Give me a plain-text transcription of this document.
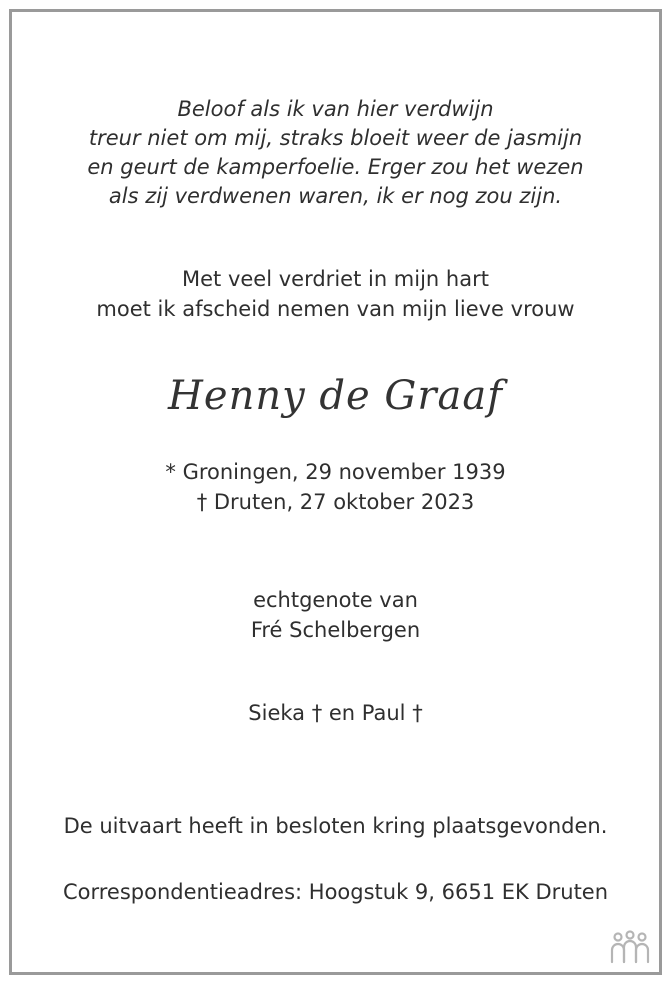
Beloof als ik van hier verdwijn
treur niet om mij, straks bloeit weer de jasmijn
en geurt de kamperfoelie. Erger zou het wezen
als zij verdwenen waren, ik er nog zou zijn.
Met veel verdriet in mijn hart
moet ik afscheid nemen van mijn lieve vrouw
Henny de Graaf
* Groningen, 29 november 1939
† Druten, 27 oktober 2023
echtgenote van
Fré Schelbergen
Sieka † en Paul †
De uitvaart heeft in besloten kring plaatsgevonden.
Correspondentieadres: Hoogstuk 9, 6651 EK Druten
